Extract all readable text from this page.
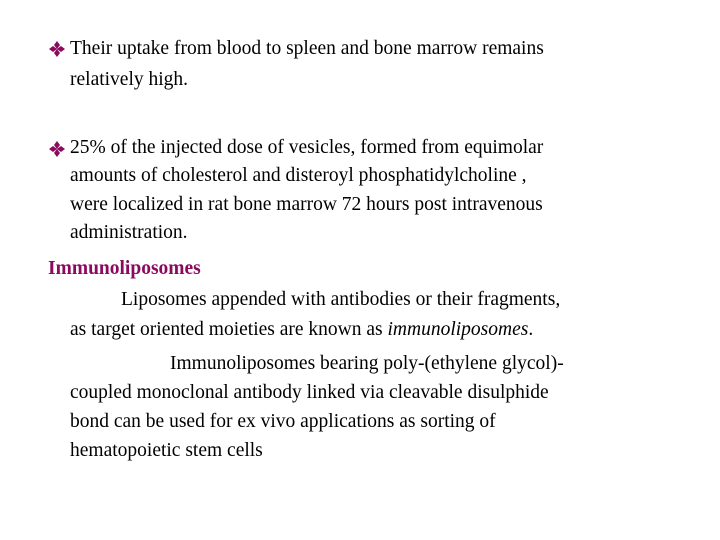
Their uptake from blood to spleen and bone marrow remains
relatively high.
25% of the injected dose of vesicles, formed from equimolar
amounts of cholesterol and disteroyl phosphatidylcholine ,
were localized in rat bone marrow 72 hours post intravenous
administration.
Immunoliposomes
Liposomes appended with antibodies or their fragments,
as target oriented moieties are known as immunoliposomes.
Immunoliposomes bearing poly-(ethylene glycol)-
coupled monoclonal antibody linked via cleavable disulphide
bond can be used for ex vivo applications as sorting of
hematopoietic stem cells
